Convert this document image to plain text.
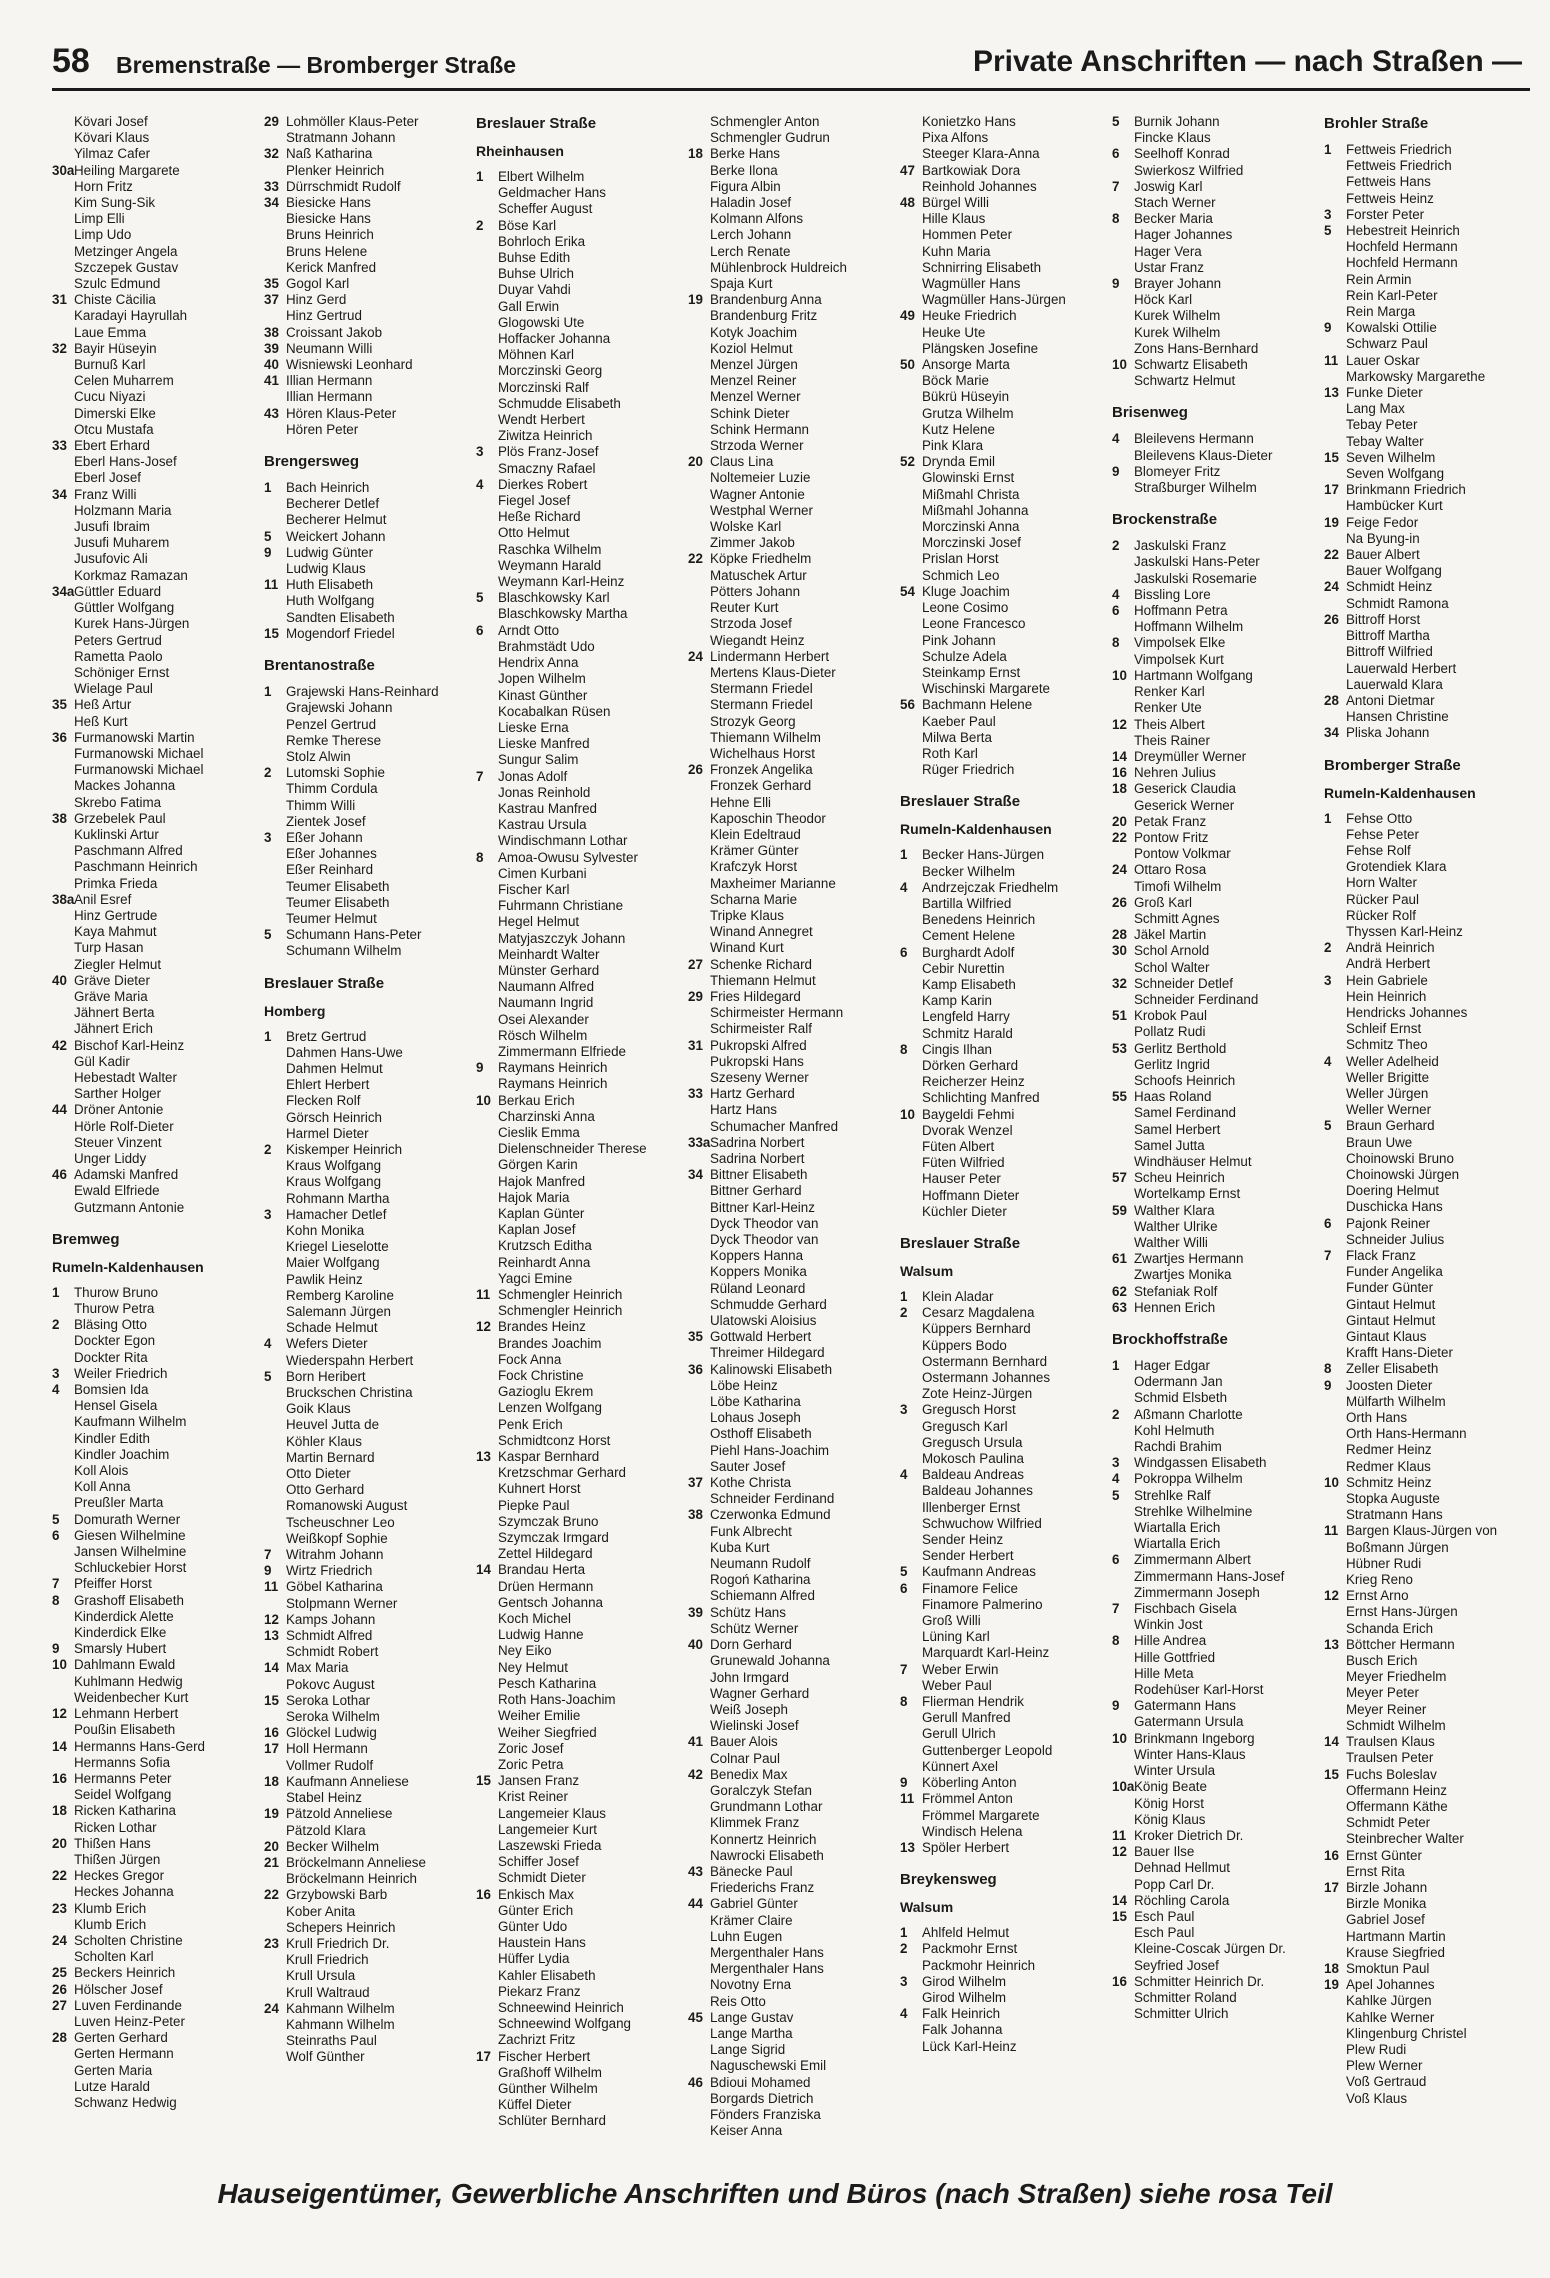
58 Bremenstraße — Bromberger Straße	Private Anschriften — nach Straßen —
Kövari Josef
Kövari Klaus
Yilmaz Cafer
30a Heiling Margarete
Horn Fritz
Kim Sung-Sik
Limp Elli
Limp Udo
Metzinger Angela
Szczepek Gustav
Szulc Edmund
31 Chiste Cäcilia
Karadayi Hayrullah
Laue Emma
32 Bayir Hüseyin
Burnuß Karl
Celen Muharrem
Cucu Niyazi
Dimerski Elke
Otcu Mustafa
33 Ebert Erhard
Eberl Hans-Josef
Eberl Josef
34 Franz Willi
Holzmann Maria
Jusufi Ibraim
Jusufi Muharem
Jusufovic Ali
Korkmaz Ramazan
34a Güttler Eduard
Güttler Wolfgang
Kurek Hans-Jürgen
Peters Gertrud
Rametta Paolo
Schöniger Ernst
Wielage Paul
35 Heß Artur
Heß Kurt
36 Furmanowski Martin
Furmanowski Michael
Furmanowski Michael
Mackes Johanna
Skrebo Fatima
38 Grzebelek Paul
Kuklinski Artur
Paschmann Alfred
Paschmann Heinrich
Primka Frieda
38a Anil Esref
Hinz Gertrude
Kaya Mahmut
Turp Hasan
Ziegler Helmut
40 Gräve Dieter
Gräve Maria
Jähnert Berta
Jähnert Erich
42 Bischof Karl-Heinz
Gül Kadir
Hebestadt Walter
Sarther Holger
44 Dröner Antonie
Hörle Rolf-Dieter
Steuer Vinzent
Unger Liddy
46 Adamski Manfred
Ewald Elfriede
Gutzmann Antonie
Bremweg
Rumeln-Kaldenhausen
1 Thurow Bruno
Thurow Petra
2 Bläsing Otto
Dockter Egon
Dockter Rita
3 Weiler Friedrich
4 Bomsien Ida
Hensel Gisela
Kaufmann Wilhelm
Kindler Edith
Kindler Joachim
Koll Alois
Koll Anna
Preußler Marta
5 Domurath Werner
6 Giesen Wilhelmine
Jansen Wilhelmine
Schluckebier Horst
7 Pfeiffer Horst
8 Grashoff Elisabeth
Kinderdick Alette
Kinderdick Elke
9 Smarsly Hubert
10 Dahlmann Ewald
Kuhlmann Hedwig
Weidenbecher Kurt
12 Lehmann Herbert
Poußin Elisabeth
14 Hermanns Hans-Gerd
Hermanns Sofia
16 Hermanns Peter
Seidel Wolfgang
18 Ricken Katharina
Ricken Lothar
20 Thißen Hans
Thißen Jürgen
22 Heckes Gregor
Heckes Johanna
23 Klumb Erich
Klumb Erich
24 Scholten Christine
Scholten Karl
25 Beckers Heinrich
26 Hölscher Josef
27 Luven Ferdinande
Luven Heinz-Peter
28 Gerten Gerhard
Gerten Hermann
Gerten Maria
Lutze Harald
Schwanz Hedwig
29 Lohmöller Klaus-Peter
Stratmann Johann
32 Naß Katharina
Plenker Heinrich
33 Dürrschmidt Rudolf
34 Biesicke Hans
Biesicke Hans
Bruns Heinrich
Bruns Helene
Kerick Manfred
35 Gogol Karl
37 Hinz Gerd
Hinz Gertrud
38 Croissant Jakob
39 Neumann Willi
40 Wisniewski Leonhard
41 Illian Hermann
Illian Hermann
43 Hören Klaus-Peter
Hören Peter
Brengersweg
1 Bach Heinrich
Becherer Detlef
Becherer Helmut
5 Weickert Johann
9 Ludwig Günter
Ludwig Klaus
11 Huth Elisabeth
Huth Wolfgang
Sandten Elisabeth
15 Mogendorf Friedel
Brentanostraße
1 Grajewski Hans-Reinhard
Grajewski Johann
Penzel Gertrud
Remke Therese
Stolz Alwin
2 Lutomski Sophie
Thimm Cordula
Thimm Willi
Zientek Josef
3 Eßer Johann
Eßer Johannes
Eßer Reinhard
Teumer Elisabeth
Teumer Elisabeth
Teumer Helmut
5 Schumann Hans-Peter
Schumann Wilhelm
Breslauer Straße
Homberg
1 Bretz Gertrud
Dahmen Hans-Uwe
Dahmen Helmut
Ehlert Herbert
Flecken Rolf
Görsch Heinrich
Harmel Dieter
2 Kiskemper Heinrich
Kraus Wolfgang
Kraus Wolfgang
Rohmann Martha
3 Hamacher Detlef
Kohn Monika
Kriegel Lieselotte
Maier Wolfgang
Pawlik Heinz
Remberg Karoline
Salemann Jürgen
Schade Helmut
4 Wefers Dieter
Wiederspahn Herbert
5 Born Heribert
Bruckschen Christina
Goik Klaus
Heuvel Jutta de
Köhler Klaus
Martin Bernard
Otto Dieter
Otto Gerhard
Romanowski August
Tscheuschner Leo
Weißkopf Sophie
7 Witrahm Johann
9 Wirtz Friedrich
11 Göbel Katharina
Stolpmann Werner
12 Kamps Johann
13 Schmidt Alfred
Schmidt Robert
14 Max Maria
Pokovc August
15 Seroka Lothar
Seroka Wilhelm
16 Glöckel Ludwig
17 Holl Hermann
Vollmer Rudolf
18 Kaufmann Anneliese
Stabel Heinz
19 Pätzold Anneliese
Pätzold Klara
20 Becker Wilhelm
21 Bröckelmann Anneliese
Bröckelmann Heinrich
22 Grzybowski Barb
Kober Anita
Schepers Heinrich
23 Krull Friedrich Dr.
Krull Friedrich
Krull Ursula
Krull Waltraud
24 Kahmann Wilhelm
Kahmann Wilhelm
Steinraths Paul
Wolf Günther
Breslauer Straße
Rheinhausen
1 Elbert Wilhelm
Geldmacher Hans
Scheffer August
2 Böse Karl
Bohrloch Erika
Buhse Edith
Buhse Ulrich
Duyar Vahdi
Gall Erwin
Glogowski Ute
Hoffacker Johanna
Möhnen Karl
Morczinski Georg
Morczinski Ralf
Schmudde Elisabeth
Wendt Herbert
Ziwitza Heinrich
3 Plös Franz-Josef
Smaczny Rafael
4 Dierkes Robert
Fiegel Josef
Heße Richard
Otto Helmut
Raschka Wilhelm
Weymann Harald
Weymann Karl-Heinz
5 Blaschkowsky Karl
Blaschkowsky Martha
6 Arndt Otto
Brahmstädt Udo
Hendrix Anna
Jopen Wilhelm
Kinast Günther
Kocabalkan Rüsen
Lieske Erna
Lieske Manfred
Sungur Salim
7 Jonas Adolf
Jonas Reinhold
Kastrau Manfred
Kastrau Ursula
Windischmann Lothar
8 Amoa-Owusu Sylvester
Cimen Kurbani
Fischer Karl
Fuhrmann Christiane
Hegel Helmut
Matyjaszczyk Johann
Meinhardt Walter
Münster Gerhard
Naumann Alfred
Naumann Ingrid
Osei Alexander
Rösch Wilhelm
Zimmermann Elfriede
9 Raymans Heinrich
Raymans Heinrich
10 Berkau Erich
Charzinski Anna
Cieslik Emma
Dielenschneider Therese
Görgen Karin
Hajok Manfred
Hajok Maria
Kaplan Günter
Kaplan Josef
Krutzsch Editha
Reinhardt Anna
Yagci Emine
11 Schmengler Heinrich
Schmengler Heinrich
12 Brandes Heinz
Brandes Joachim
Fock Anna
Fock Christine
Gazioglu Ekrem
Lenzen Wolfgang
Penk Erich
Schmidtconz Horst
13 Kaspar Bernhard
Kretzschmar Gerhard
Kuhnert Horst
Piepke Paul
Szymczak Bruno
Szymczak Irmgard
Zettel Hildegard
14 Brandau Herta
Drüen Hermann
Gentsch Johanna
Koch Michel
Ludwig Hanne
Ney Eiko
Ney Helmut
Pesch Katharina
Roth Hans-Joachim
Weiher Emilie
Weiher Siegfried
Zoric Josef
Zoric Petra
15 Jansen Franz
Krist Reiner
Langemeier Klaus
Langemeier Kurt
Laszewski Frieda
Schiffer Josef
Schmidt Dieter
16 Enkisch Max
Günter Erich
Günter Udo
Haustein Hans
Hüffer Lydia
Kahler Elisabeth
Piekarz Franz
Schneewind Heinrich
Schneewind Wolfgang
Zachrizt Fritz
17 Fischer Herbert
Graßhoff Wilhelm
Günther Wilhelm
Küffel Dieter
Schlüter Bernhard
Schmengler Anton
Schmengler Gudrun
18 Berke Hans
Berke Ilona
Figura Albin
Haladin Josef
Kolmann Alfons
Lerch Johann
Lerch Renate
Mühlenbrock Huldreich
Spaja Kurt
19 Brandenburg Anna
Brandenburg Fritz
Kotyk Joachim
Koziol Helmut
Menzel Jürgen
Menzel Reiner
Menzel Werner
Schink Dieter
Schink Hermann
Strzoda Werner
20 Claus Lina
Noltemeier Luzie
Wagner Antonie
Westphal Werner
Wolske Karl
Zimmer Jakob
22 Köpke Friedhelm
Matuschek Artur
Pötters Johann
Reuter Kurt
Strzoda Josef
Wiegandt Heinz
24 Lindermann Herbert
Mertens Klaus-Dieter
Stermann Friedel
Stermann Friedel
Strozyk Georg
Thiemann Wilhelm
Wichelhaus Horst
26 Fronzek Angelika
Fronzek Gerhard
Hehne Elli
Kaposchin Theodor
Klein Edeltraud
Krämer Günter
Krafczyk Horst
Maxheimer Marianne
Scharna Marie
Tripke Klaus
Winand Annegret
Winand Kurt
27 Schenke Richard
Thiemann Helmut
29 Fries Hildegard
Schirmeister Hermann
Schirmeister Ralf
31 Pukropski Alfred
Pukropski Hans
Szeseny Werner
33 Hartz Gerhard
Hartz Hans
Schumacher Manfred
33a Sadrina Norbert
Sadrina Norbert
34 Bittner Elisabeth
Bittner Gerhard
Bittner Karl-Heinz
Dyck Theodor van
Dyck Theodor van
Koppers Hanna
Koppers Monika
Rüland Leonard
Schmudde Gerhard
Ulatowski Aloisius
35 Gottwald Herbert
Threimer Hildegard
36 Kalinowski Elisabeth
Löbe Heinz
Löbe Katharina
Lohaus Joseph
Osthoff Elisabeth
Piehl Hans-Joachim
Sauter Josef
37 Kothe Christa
Schneider Ferdinand
38 Czerwonka Edmund
Funk Albrecht
Kuba Kurt
Neumann Rudolf
Rogoń Katharina
Schiemann Alfred
39 Schütz Hans
Schütz Werner
40 Dorn Gerhard
Grunewald Johanna
John Irmgard
Wagner Gerhard
Weiß Joseph
Wielinski Josef
41 Bauer Alois
Colnar Paul
42 Benedix Max
Goralczyk Stefan
Grundmann Lothar
Klimmek Franz
Konnertz Heinrich
Nawrocki Elisabeth
43 Bänecke Paul
Friederichs Franz
44 Gabriel Günter
Krämer Claire
Luhn Eugen
Mergenthaler Hans
Mergenthaler Hans
Novotny Erna
Reis Otto
45 Lange Gustav
Lange Martha
Lange Sigrid
Naguschewski Emil
46 Bdioui Mohamed
Borgards Dietrich
Fönders Franziska
Keiser Anna
Konietzko Hans
Pixa Alfons
Steeger Klara-Anna
47 Bartkowiak Dora
Reinhold Johannes
48 Bürgel Willi
Hille Klaus
Hommen Peter
Kuhn Maria
Schnirring Elisabeth
Wagmüller Hans
Wagmüller Hans-Jürgen
49 Heuke Friedrich
Heuke Ute
Plängsken Josefine
50 Ansorge Marta
Böck Marie
Bükrü Hüseyin
Grutza Wilhelm
Kutz Helene
Pink Klara
52 Drynda Emil
Glowinski Ernst
Mißmahl Christa
Mißmahl Johanna
Morczinski Anna
Morczinski Josef
Prislan Horst
Schmich Leo
54 Kluge Joachim
Leone Cosimo
Leone Francesco
Pink Johann
Schulze Adela
Steinkamp Ernst
Wischinski Margarete
56 Bachmann Helene
Kaeber Paul
Milwa Berta
Roth Karl
Rüger Friedrich
Breslauer Straße
Rumeln-Kaldenhausen
1 Becker Hans-Jürgen
Becker Wilhelm
4 Andrzejczak Friedhelm
Bartilla Wilfried
Benedens Heinrich
Cement Helene
6 Burghardt Adolf
Cebir Nurettin
Kamp Elisabeth
Kamp Karin
Lengfeld Harry
Schmitz Harald
8 Cingis Ilhan
Dörken Gerhard
Reicherzer Heinz
Schlichting Manfred
10 Baygeldi Fehmi
Dvorak Wenzel
Füten Albert
Füten Wilfried
Hauser Peter
Hoffmann Dieter
Küchler Dieter
Breslauer Straße
Walsum
1 Klein Aladar
2 Cesarz Magdalena
Küppers Bernhard
Küppers Bodo
Ostermann Bernhard
Ostermann Johannes
Zote Heinz-Jürgen
3 Gregusch Horst
Gregusch Karl
Gregusch Ursula
Mokosch Paulina
4 Baldeau Andreas
Baldeau Johannes
Illenberger Ernst
Schwuchow Wilfried
Sender Heinz
Sender Herbert
5 Kaufmann Andreas
6 Finamore Felice
Finamore Palmerino
Groß Willi
Lüning Karl
Marquardt Karl-Heinz
7 Weber Erwin
Weber Paul
8 Flierman Hendrik
Gerull Manfred
Gerull Ulrich
Guttenberger Leopold
Künnert Axel
9 Köberling Anton
11 Frömmel Anton
Frömmel Margarete
Windisch Helena
13 Spöler Herbert
Breykensweg
Walsum
1 Ahlfeld Helmut
2 Packmohr Ernst
Packmohr Heinrich
3 Girod Wilhelm
Girod Wilhelm
4 Falk Heinrich
Falk Johanna
Lück Karl-Heinz
5 Burnik Johann
Fincke Klaus
6 Seelhoff Konrad
Swierkosz Wilfried
7 Joswig Karl
Stach Werner
8 Becker Maria
Hager Johannes
Hager Vera
Ustar Franz
9 Brayer Johann
Höck Karl
Kurek Wilhelm
Kurek Wilhelm
Zons Hans-Bernhard
10 Schwartz Elisabeth
Schwartz Helmut
Brisenweg
4 Bleilevens Hermann
Bleilevens Klaus-Dieter
9 Blomeyer Fritz
Straßburger Wilhelm
Brockenstraße
2 Jaskulski Franz
Jaskulski Hans-Peter
Jaskulski Rosemarie
4 Bissling Lore
6 Hoffmann Petra
Hoffmann Wilhelm
8 Vimpolsek Elke
Vimpolsek Kurt
10 Hartmann Wolfgang
Renker Karl
Renker Ute
12 Theis Albert
Theis Rainer
14 Dreymüller Werner
16 Nehren Julius
18 Geserick Claudia
Geserick Werner
20 Petak Franz
22 Pontow Fritz
Pontow Volkmar
24 Ottaro Rosa
Timofi Wilhelm
26 Groß Karl
Schmitt Agnes
28 Jäkel Martin
30 Schol Arnold
Schol Walter
32 Schneider Detlef
Schneider Ferdinand
51 Krobok Paul
Pollatz Rudi
53 Gerlitz Berthold
Gerlitz Ingrid
Schoofs Heinrich
55 Haas Roland
Samel Ferdinand
Samel Herbert
Samel Jutta
Windhäuser Helmut
57 Scheu Heinrich
Wortelkamp Ernst
59 Walther Klara
Walther Ulrike
Walther Willi
61 Zwartjes Hermann
Zwartjes Monika
62 Stefaniak Rolf
63 Hennen Erich
Brockhoffstraße
1 Hager Edgar
Odermann Jan
Schmid Elsbeth
2 Aßmann Charlotte
Kohl Helmuth
Rachdi Brahim
3 Windgassen Elisabeth
4 Pokroppa Wilhelm
5 Strehlke Ralf
Strehlke Wilhelmine
Wiartalla Erich
Wiartalla Erich
6 Zimmermann Albert
Zimmermann Hans-Josef
Zimmermann Joseph
7 Fischbach Gisela
Winkin Jost
8 Hille Andrea
Hille Gottfried
Hille Meta
Rodehüser Karl-Horst
9 Gatermann Hans
Gatermann Ursula
10 Brinkmann Ingeborg
Winter Hans-Klaus
Winter Ursula
10a König Beate
König Horst
König Klaus
11 Kroker Dietrich Dr.
12 Bauer Ilse
Dehnad Hellmut
Popp Carl Dr.
14 Röchling Carola
15 Esch Paul
Esch Paul
Kleine-Coscak Jürgen Dr.
Seyfried Josef
16 Schmitter Heinrich Dr.
Schmitter Roland
Schmitter Ulrich
Brohler Straße
1 Fettweis Friedrich
Fettweis Friedrich
Fettweis Hans
Fettweis Heinz
3 Forster Peter
5 Hebestreit Heinrich
Hochfeld Hermann
Hochfeld Hermann
Rein Armin
Rein Karl-Peter
Rein Marga
9 Kowalski Ottilie
Schwarz Paul
11 Lauer Oskar
Markowsky Margarethe
13 Funke Dieter
Lang Max
Tebay Peter
Tebay Walter
15 Seven Wilhelm
Seven Wolfgang
17 Brinkmann Friedrich
Hambücker Kurt
19 Feige Fedor
Na Byung-in
22 Bauer Albert
Bauer Wolfgang
24 Schmidt Heinz
Schmidt Ramona
26 Bittroff Horst
Bittroff Martha
Bittroff Wilfried
Lauerwald Herbert
Lauerwald Klara
28 Antoni Dietmar
Hansen Christine
34 Pliska Johann
Bromberger Straße
Rumeln-Kaldenhausen
1 Fehse Otto
Fehse Peter
Fehse Rolf
Grotendiek Klara
Horn Walter
Rücker Paul
Rücker Rolf
Thyssen Karl-Heinz
2 Andrä Heinrich
Andrä Herbert
3 Hein Gabriele
Hein Heinrich
Hendricks Johannes
Schleif Ernst
Schmitz Theo
4 Weller Adelheid
Weller Brigitte
Weller Jürgen
Weller Werner
5 Braun Gerhard
Braun Uwe
Choinowski Bruno
Choinowski Jürgen
Doering Helmut
Duschicka Hans
6 Pajonk Reiner
Schneider Julius
7 Flack Franz
Funder Angelika
Funder Günter
Gintaut Helmut
Gintaut Helmut
Gintaut Klaus
Krafft Hans-Dieter
8 Zeller Elisabeth
9 Joosten Dieter
Mülfarth Wilhelm
Orth Hans
Orth Hans-Hermann
Redmer Heinz
Redmer Klaus
10 Schmitz Heinz
Stopka Auguste
Stratmann Hans
11 Bargen Klaus-Jürgen von
Boßmann Jürgen
Hübner Rudi
Krieg Reno
12 Ernst Arno
Ernst Hans-Jürgen
Schanda Erich
13 Böttcher Hermann
Busch Erich
Meyer Friedhelm
Meyer Peter
Meyer Reiner
Schmidt Wilhelm
14 Traulsen Klaus
Traulsen Peter
15 Fuchs Boleslav
Offermann Heinz
Offermann Käthe
Schmidt Peter
Steinbrecher Walter
16 Ernst Günter
Ernst Rita
17 Birzle Johann
Birzle Monika
Gabriel Josef
Hartmann Martin
Krause Siegfried
18 Smoktun Paul
19 Apel Johannes
Kahlke Jürgen
Kahlke Werner
Klingenburg Christel
Plew Rudi
Plew Werner
Voß Gertraud
Voß Klaus
Hauseigentümer, Gewerbliche Anschriften und Büros (nach Straßen) siehe rosa Teil
